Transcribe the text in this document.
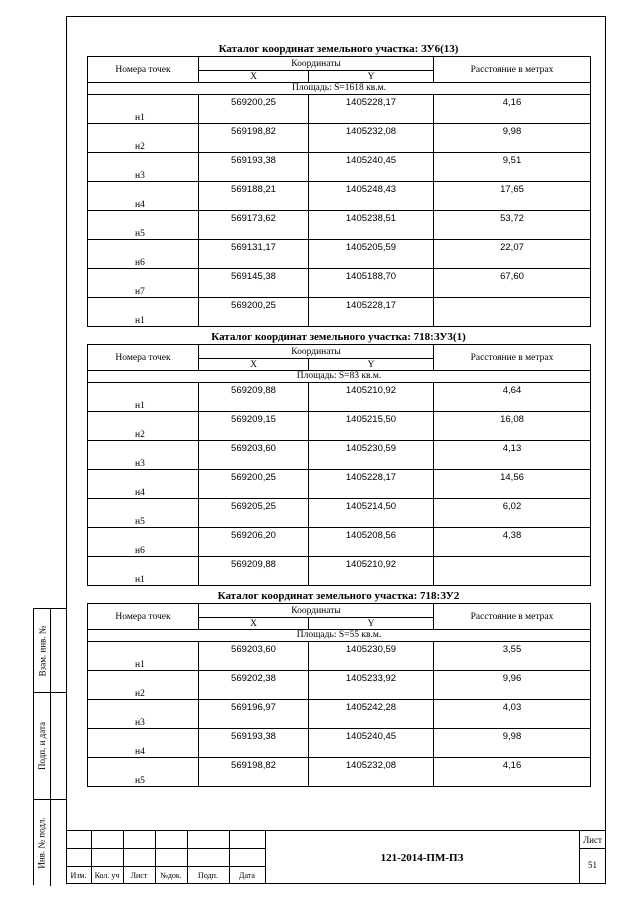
Взам. инв. №
Подп. и дата
Инв. № подл.
Каталог координат земельного участка: ЗУ6(13)
Номера точек	Координаты		Расстояние в метрах
	X	Y	
Площадь: S=1618 кв.м.			
н1	569200,25	1405228,17	4,16
н2	569198,82	1405232,08	9,98
н3	569193,38	1405240,45	9,51
н4	569188,21	1405248,43	17,65
н5	569173,62	1405238,51	53,72
н6	569131,17	1405205,59	22,07
н7	569145,38	1405188,70	67,60
н1	569200,25	1405228,17	
Каталог координат земельного участка: 718:ЗУ3(1)
Номера точек	Координаты		Расстояние в метрах
	X	Y	
Площадь: S=83 кв.м.			
н1	569209,88	1405210,92	4,64
н2	569209,15	1405215,50	16,08
н3	569203,60	1405230,59	4,13
н4	569200,25	1405228,17	14,56
н5	569205,25	1405214,50	6,02
н6	569206,20	1405208,56	4,38
н1	569209,88	1405210,92	
Каталог координат земельного участка: 718:ЗУ2
Номера точек	Координаты		Расстояние в метрах
	X	Y	
Площадь: S=55 кв.м.			
н1	569203,60	1405230,59	3,55
н2	569202,38	1405233,92	9,96
н3	569196,97	1405242,28	4,03
н4	569193,38	1405240,45	9,98
н5	569198,82	1405232,08	4,16
Изм.	Кол. уч	Лист	№док.	Подп.	Дата
121-2014-ПМ-ПЗ
Лист
51
